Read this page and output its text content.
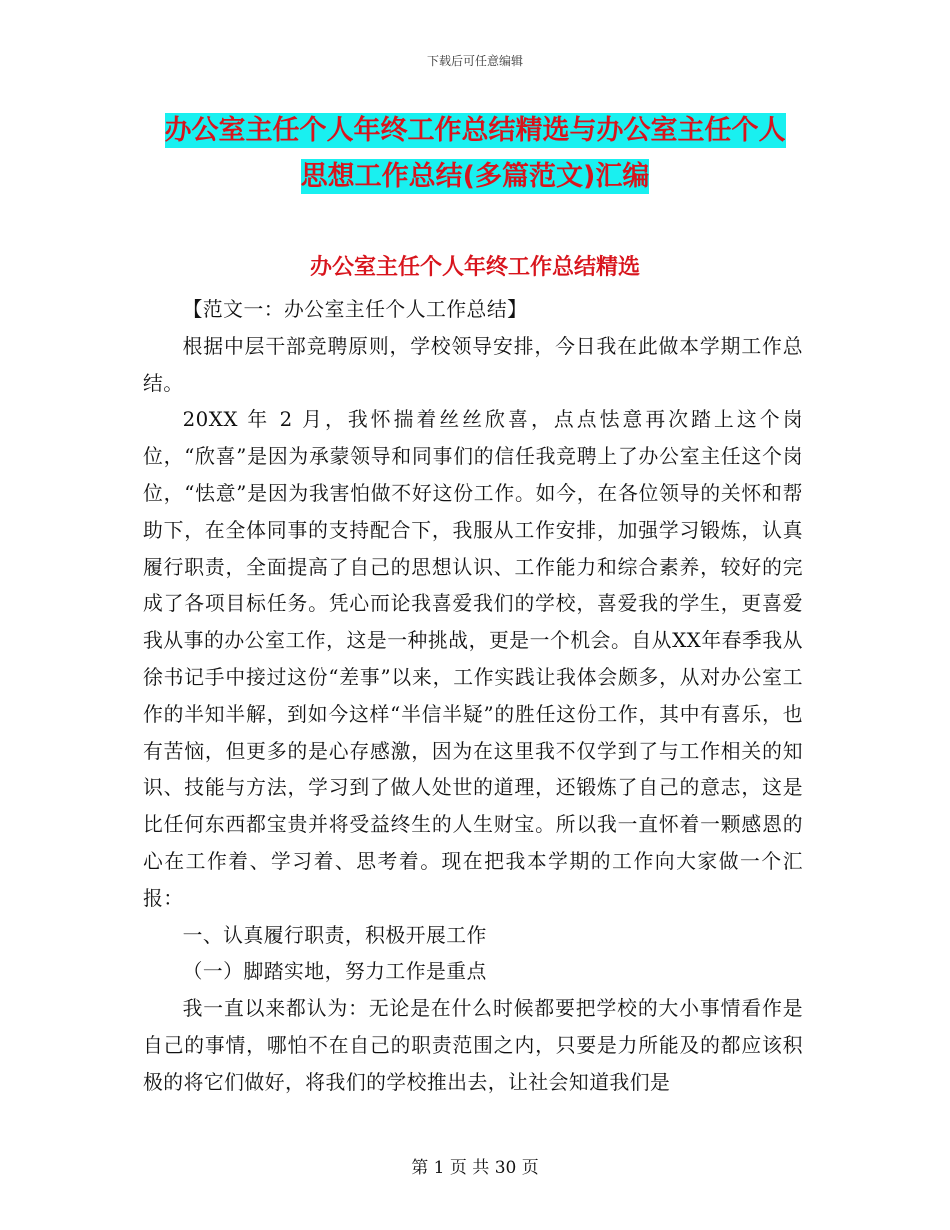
下载后可任意编辑
办公室主任个人年终工作总结精选与办公室主任个人
思想工作总结(多篇范文)汇编
办公室主任个人年终工作总结精选

【范文一：办公室主任个人工作总结】

根据中层干部竞聘原则，学校领导安排，今日我在此做本学期工作总结。

20XX 年 2 月，我怀揣着丝丝欣喜，点点怯意再次踏上这个岗位，“欣喜”是因为承蒙领导和同事们的信任我竞聘上了办公室主任这个岗位，“怯意”是因为我害怕做不好这份工作。如今，在各位领导的关怀和帮助下，在全体同事的支持配合下，我服从工作安排，加强学习锻炼，认真履行职责，全面提高了自己的思想认识、工作能力和综合素养，较好的完成了各项目标任务。凭心而论我喜爱我们的学校，喜爱我的学生，更喜爱我从事的办公室工作，这是一种挑战，更是一个机会。自从XX年春季我从徐书记手中接过这份“差事”以来，工作实践让我体会颇多，从对办公室工作的半知半解，到如今这样“半信半疑”的胜任这份工作，其中有喜乐，也有苦恼，但更多的是心存感激，因为在这里我不仅学到了与工作相关的知识、技能与方法，学习到了做人处世的道理，还锻炼了自己的意志，这是比任何东西都宝贵并将受益终生的人生财宝。所以我一直怀着一颗感恩的心在工作着、学习着、思考着。现在把我本学期的工作向大家做一个汇报：

一、认真履行职责，积极开展工作

（一）脚踏实地，努力工作是重点

我一直以来都认为：无论是在什么时候都要把学校的大小事情看作是自己的事情，哪怕不在自己的职责范围之内，只要是力所能及的都应该积极的将它们做好，将我们的学校推出去，让社会知道我们是

第 1 页 共 30 页
